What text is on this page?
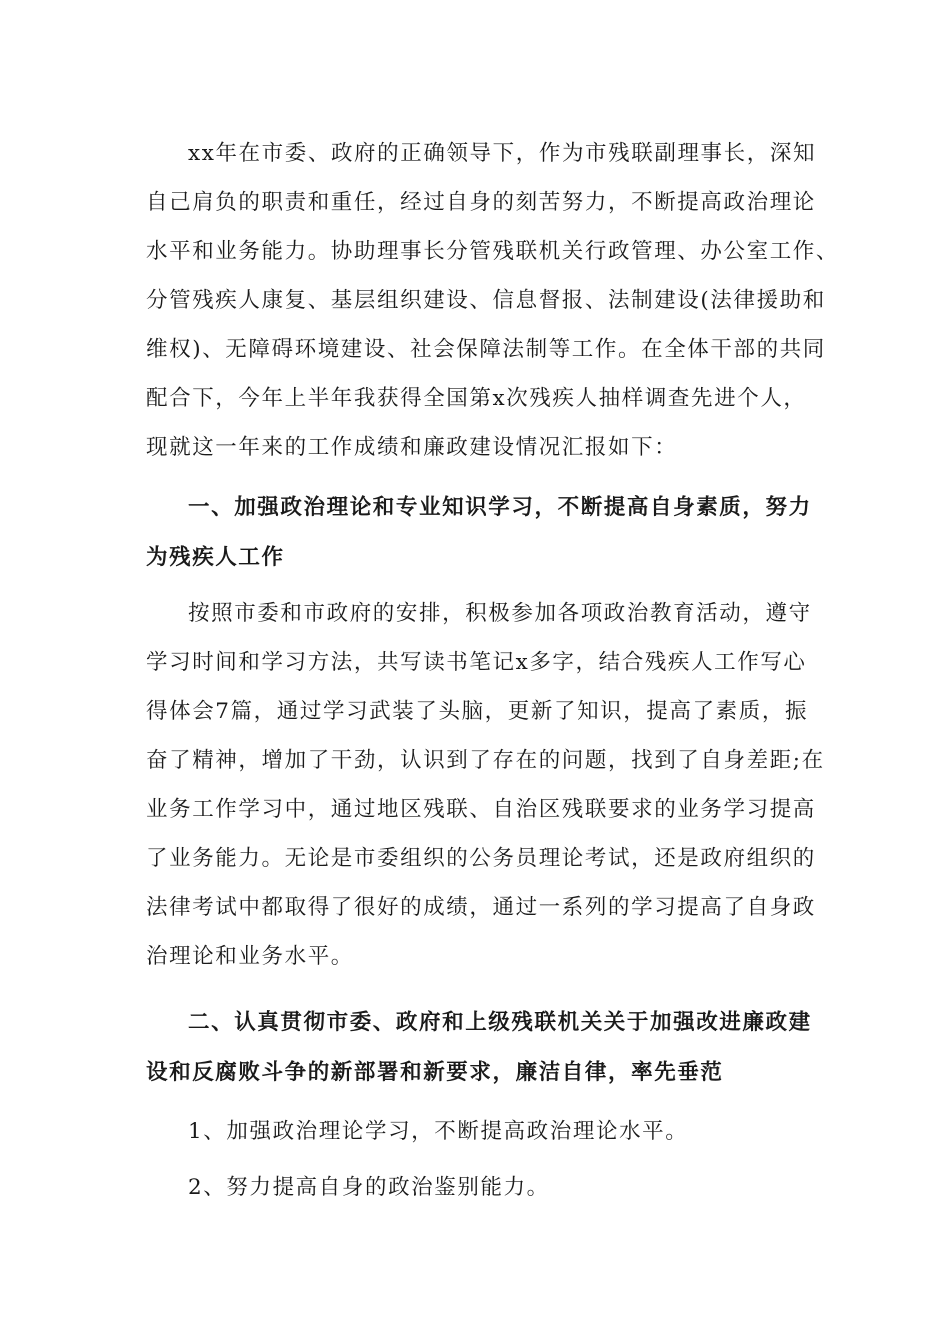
xx年在市委、政府的正确领导下，作为市残联副理事长，深知
自己肩负的职责和重任，经过自身的刻苦努力，不断提高政治理论
水平和业务能力。协助理事长分管残联机关行政管理、办公室工作、
分管残疾人康复、基层组织建设、信息督报、法制建设(法律援助和
维权)、无障碍环境建设、社会保障法制等工作。在全体干部的共同
配合下，今年上半年我获得全国第x次残疾人抽样调查先进个人，
现就这一年来的工作成绩和廉政建设情况汇报如下：
一、加强政治理论和专业知识学习，不断提高自身素质，努力
为残疾人工作
按照市委和市政府的安排，积极参加各项政治教育活动，遵守
学习时间和学习方法，共写读书笔记x多字，结合残疾人工作写心
得体会7篇，通过学习武装了头脑，更新了知识，提高了素质，振
奋了精神，增加了干劲，认识到了存在的问题，找到了自身差距;在
业务工作学习中，通过地区残联、自治区残联要求的业务学习提高
了业务能力。无论是市委组织的公务员理论考试，还是政府组织的
法律考试中都取得了很好的成绩，通过一系列的学习提高了自身政
治理论和业务水平。
二、认真贯彻市委、政府和上级残联机关关于加强改进廉政建
设和反腐败斗争的新部署和新要求，廉洁自律，率先垂范
1、加强政治理论学习，不断提高政治理论水平。
2、努力提高自身的政治鉴别能力。
